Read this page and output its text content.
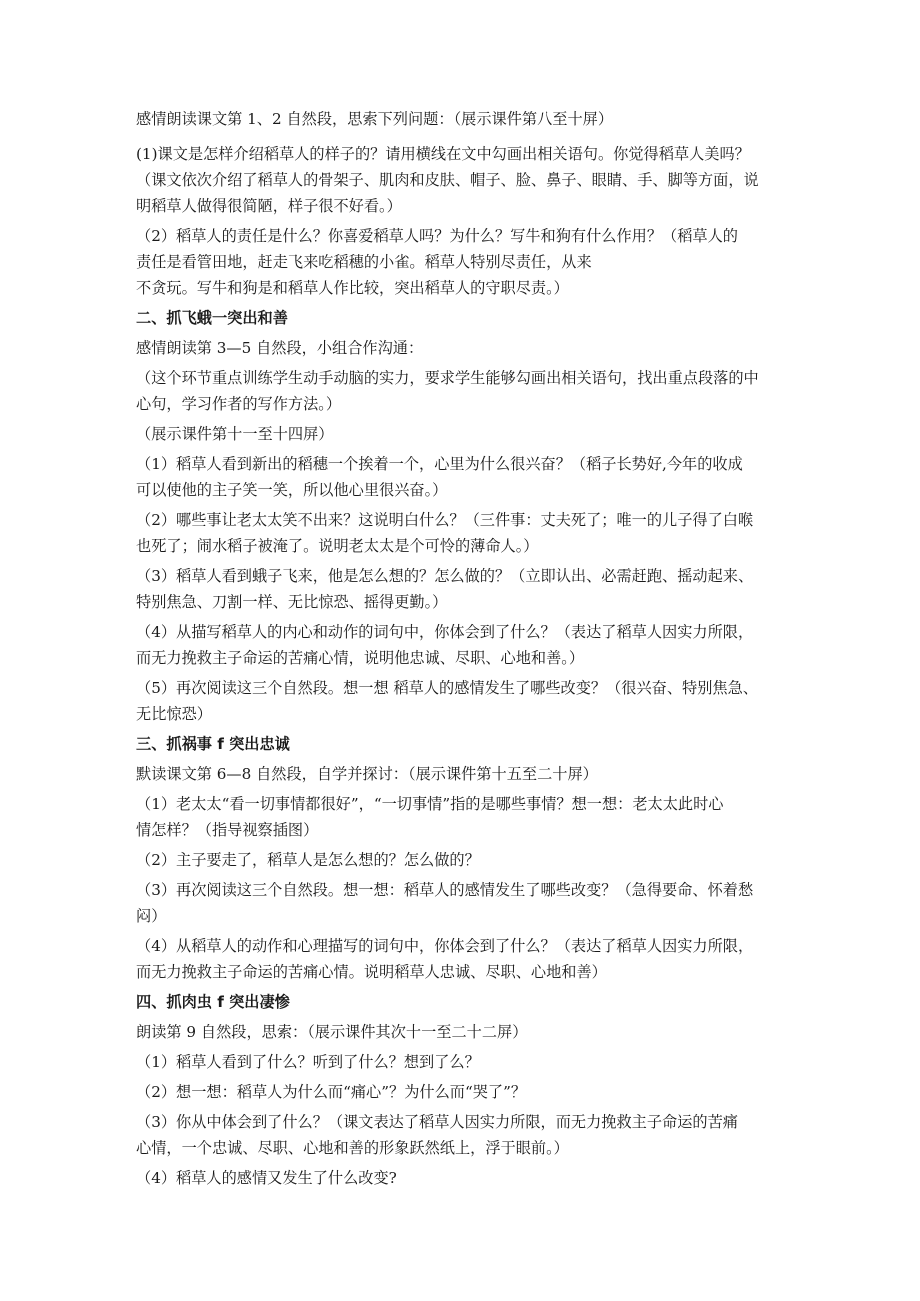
感情朗读课文第 1、2 自然段，思索下列问题：（展示课件第八至十屏）

(1)课文是怎样介绍稻草人的样子的？请用横线在文中勾画出相关语句。你觉得稻草人美吗？
（课文依次介绍了稻草人的骨架子、肌肉和皮肤、帽子、脸、鼻子、眼睛、手、脚等方面，说
明稻草人做得很简陋，样子很不好看。）

（2）稻草人的责任是什么？你喜爱稻草人吗？为什么？写牛和狗有什么作用？（稻草人的
责任是看管田地，赶走飞来吃稻穗的小雀。稻草人特别尽责任，从来
不贪玩。写牛和狗是和稻草人作比较，突出稻草人的守职尽责。）

二、抓飞蛾一突出和善

感情朗读第 3—5 自然段，小组合作沟通：

（这个环节重点训练学生动手动脑的实力，要求学生能够勾画出相关语句，找出重点段落的中
心句，学习作者的写作方法。）

（展示课件第十一至十四屏）

（1）稻草人看到新出的稻穗一个挨着一个，心里为什么很兴奋？（稻子长势好,今年的收成
可以使他的主子笑一笑，所以他心里很兴奋。）

（2）哪些事让老太太笑不出来？这说明白什么？（三件事：丈夫死了；唯一的儿子得了白喉
也死了；闹水稻子被淹了。说明老太太是个可怜的薄命人。）

（3）稻草人看到蛾子飞来，他是怎么想的？怎么做的？（立即认出、必需赶跑、摇动起来、
特别焦急、刀割一样、无比惊恐、摇得更勤。）

（4）从描写稻草人的内心和动作的词句中，你体会到了什么？（表达了稻草人因实力所限，
而无力挽救主子命运的苦痛心情，说明他忠诚、尽职、心地和善。）

（5）再次阅读这三个自然段。想一想 稻草人的感情发生了哪些改变？（很兴奋、特别焦急、
无比惊恐）

三、抓祸事 f 突出忠诚

默读课文第 6—8 自然段，自学并探讨：（展示课件第十五至二十屏）

（1）老太太“看一切事情都很好”，“一切事情”指的是哪些事情？想一想：老太太此时心
情怎样？（指导视察插图）

（2）主子要走了，稻草人是怎么想的？怎么做的？

（3）再次阅读这三个自然段。想一想：稻草人的感情发生了哪些改变？（急得要命、怀着愁
闷）

（4）从稻草人的动作和心理描写的词句中，你体会到了什么？（表达了稻草人因实力所限，
而无力挽救主子命运的苦痛心情。说明稻草人忠诚、尽职、心地和善）

四、抓肉虫 f 突出凄惨

朗读第 9 自然段，思索：（展示课件其次十一至二十二屏）

（1）稻草人看到了什么？听到了什么？想到了么？

（2）想一想：稻草人为什么而“痛心”？为什么而“哭了”？

（3）你从中体会到了什么？（课文表达了稻草人因实力所限，而无力挽救主子命运的苦痛
心情，一个忠诚、尽职、心地和善的形象跃然纸上，浮于眼前。）

（4）稻草人的感情又发生了什么改变?
